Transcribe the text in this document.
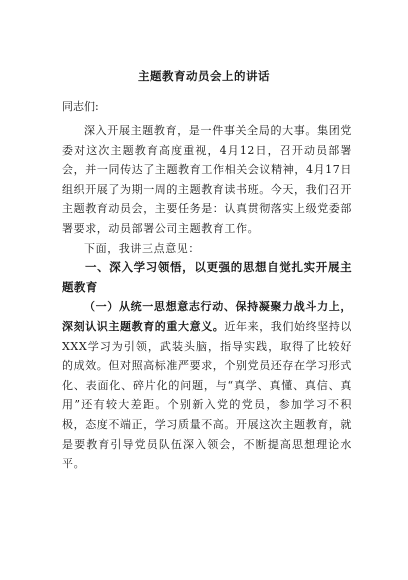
主题教育动员会上的讲话
同志们:

深入开展主题教育，是一件事关全局的大事。集团党委对这次主题教育高度重视，4月12日，召开动员部署会，并一同传达了主题教育工作相关会议精神，4月17日组织开展了为期一周的主题教育读书班。今天，我们召开主题教育动员会，主要任务是：认真贯彻落实上级党委部署要求，动员部署公司主题教育工作。

下面，我讲三点意见：

一、深入学习领悟，以更强的思想自觉扎实开展主题教育

（一）从统一思想意志行动、保持凝聚力战斗力上，深刻认识主题教育的重大意义。近年来，我们始终坚持以XXX学习为引领，武装头脑，指导实践，取得了比较好的成效。但对照高标准严要求，个别党员还存在学习形式化、表面化、碎片化的问题，与“真学、真懂、真信、真用”还有较大差距。个别新入党的党员，参加学习不积极，态度不端正，学习质量不高。开展这次主题教育，就是要教育引导党员队伍深入领会，不断提高思想理论水平。
